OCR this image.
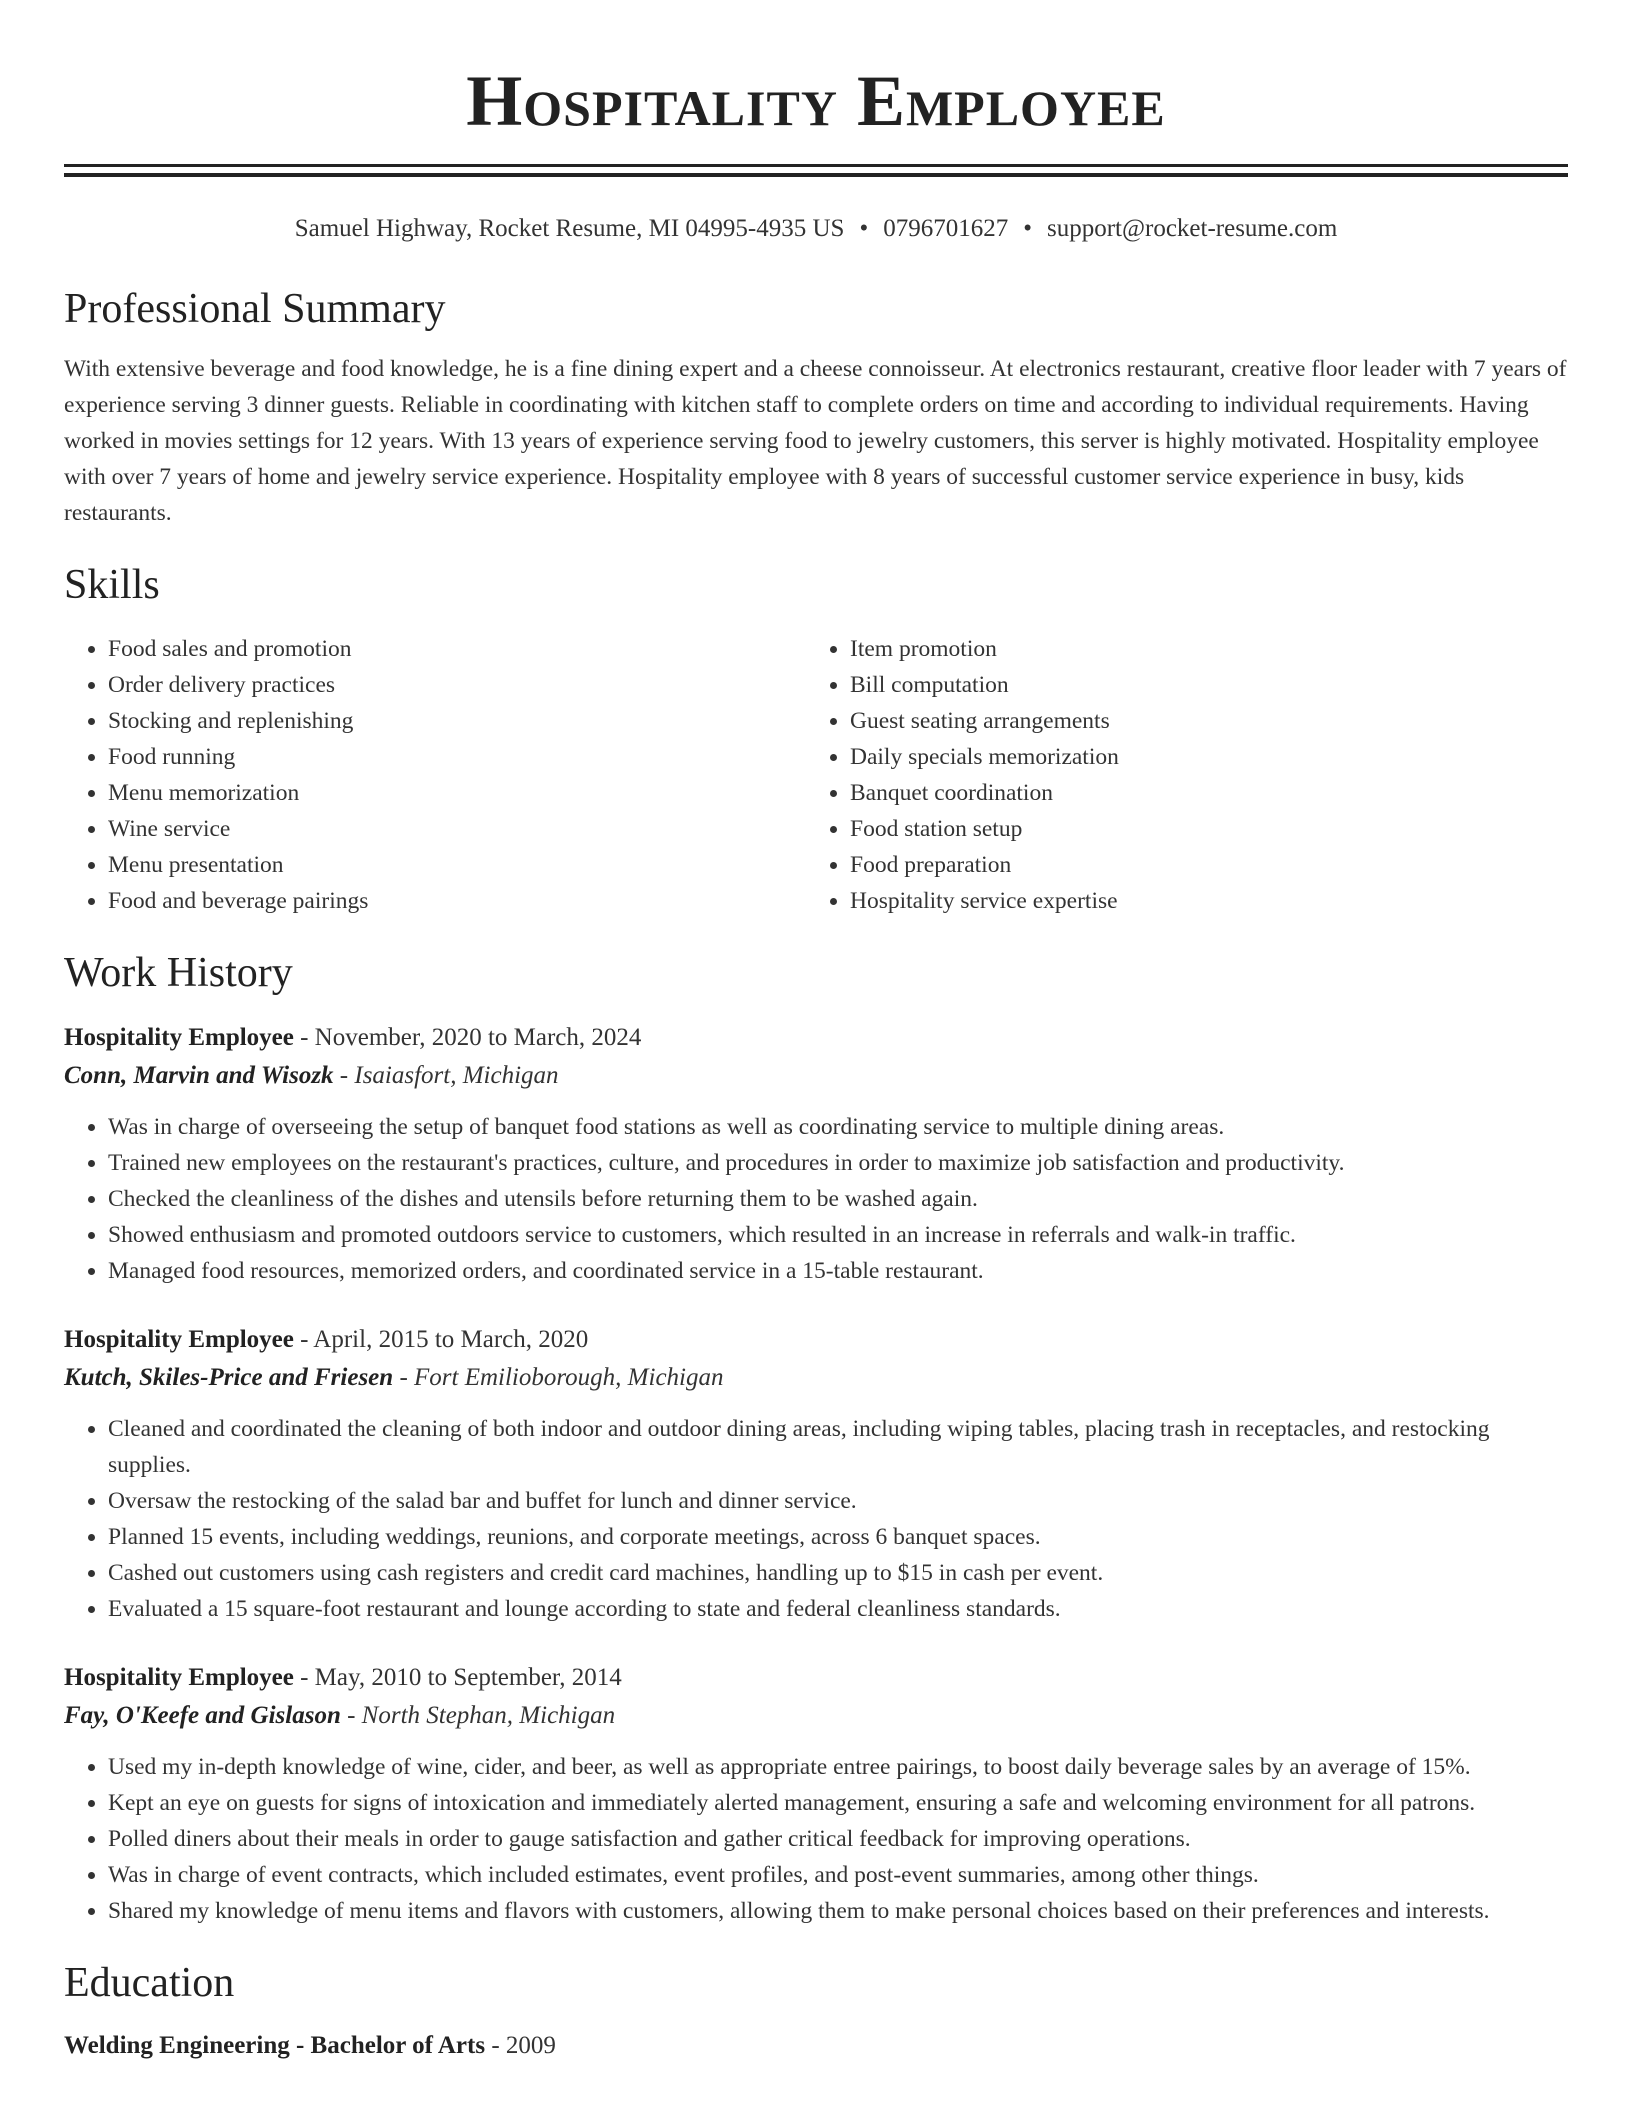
Hospitality Employee
Samuel Highway, Rocket Resume, MI 04995-4935 US • 0796701627 • support@rocket-resume.com
Professional Summary

With extensive beverage and food knowledge, he is a fine dining expert and a cheese connoisseur. At electronics restaurant, creative floor leader with 7 years of experience serving 3 dinner guests. Reliable in coordinating with kitchen staff to complete orders on time and according to individual requirements. Having worked in movies settings for 12 years. With 13 years of experience serving food to jewelry customers, this server is highly motivated. Hospitality employee with over 7 years of home and jewelry service experience. Hospitality employee with 8 years of successful customer service experience in busy, kids restaurants.

Skills
• Food sales and promotion
• Order delivery practices
• Stocking and replenishing
• Food running
• Menu memorization
• Wine service
• Menu presentation
• Food and beverage pairings
• Item promotion
• Bill computation
• Guest seating arrangements
• Daily specials memorization
• Banquet coordination
• Food station setup
• Food preparation
• Hospitality service expertise
Work History
Hospitality Employee - November, 2020 to March, 2024
Conn, Marvin and Wisozk - Isaiasfort, Michigan
• Was in charge of overseeing the setup of banquet food stations as well as coordinating service to multiple dining areas.
• Trained new employees on the restaurant's practices, culture, and procedures in order to maximize job satisfaction and productivity.
• Checked the cleanliness of the dishes and utensils before returning them to be washed again.
• Showed enthusiasm and promoted outdoors service to customers, which resulted in an increase in referrals and walk-in traffic.
• Managed food resources, memorized orders, and coordinated service in a 15-table restaurant.
Hospitality Employee - April, 2015 to March, 2020
Kutch, Skiles-Price and Friesen - Fort Emilioborough, Michigan
• Cleaned and coordinated the cleaning of both indoor and outdoor dining areas, including wiping tables, placing trash in receptacles, and restocking supplies.
• Oversaw the restocking of the salad bar and buffet for lunch and dinner service.
• Planned 15 events, including weddings, reunions, and corporate meetings, across 6 banquet spaces.
• Cashed out customers using cash registers and credit card machines, handling up to $15 in cash per event.
• Evaluated a 15 square-foot restaurant and lounge according to state and federal cleanliness standards.
Hospitality Employee - May, 2010 to September, 2014
Fay, O'Keefe and Gislason - North Stephan, Michigan
• Used my in-depth knowledge of wine, cider, and beer, as well as appropriate entree pairings, to boost daily beverage sales by an average of 15%.
• Kept an eye on guests for signs of intoxication and immediately alerted management, ensuring a safe and welcoming environment for all patrons.
• Polled diners about their meals in order to gauge satisfaction and gather critical feedback for improving operations.
• Was in charge of event contracts, which included estimates, event profiles, and post-event summaries, among other things.
• Shared my knowledge of menu items and flavors with customers, allowing them to make personal choices based on their preferences and interests.
Education
Welding Engineering - Bachelor of Arts - 2009
